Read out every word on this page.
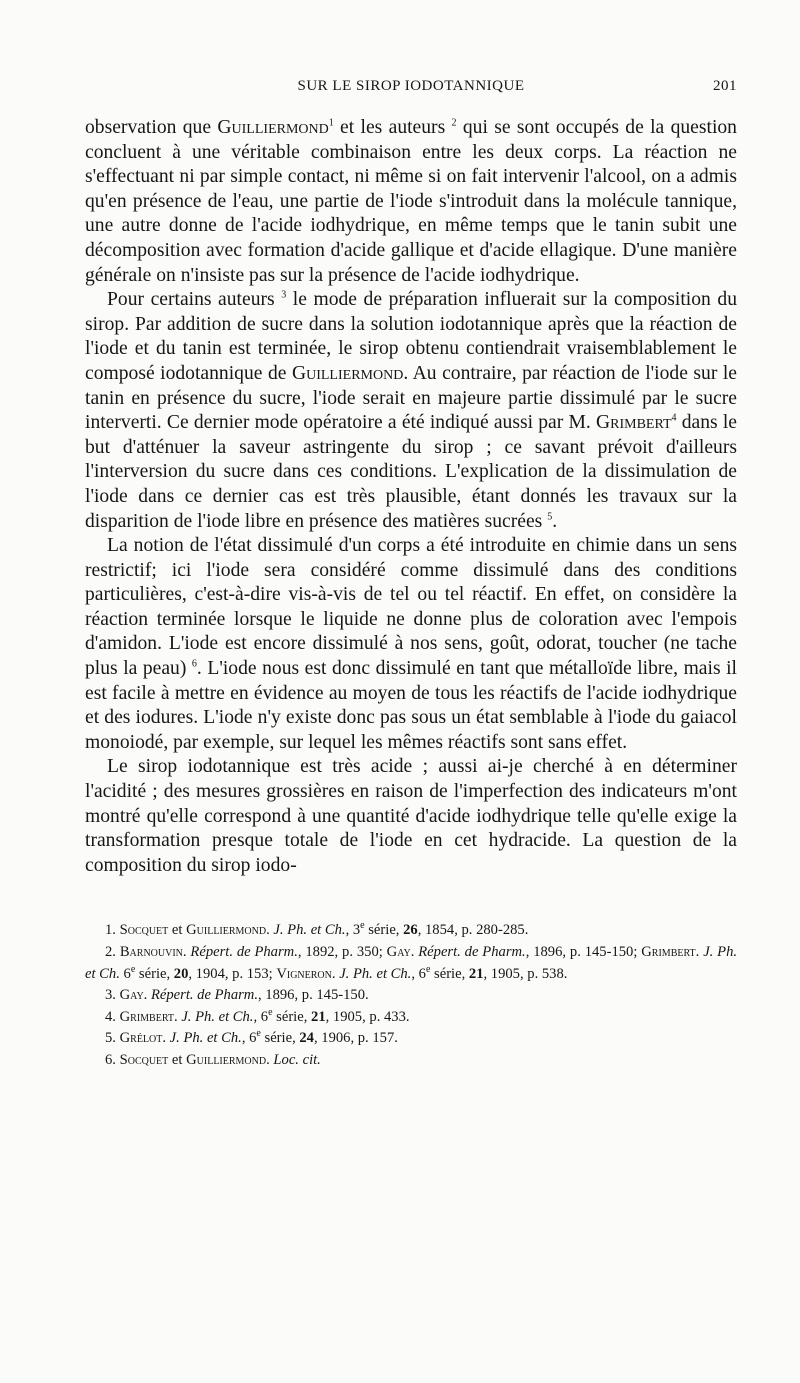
SUR LE SIROP IODOTANNIQUE	201

observation que Guilliermond$^1$ et les auteurs $^2$ qui se sont occupés de la question concluent à une véritable combinaison entre les deux corps. La réaction ne s'effectuant ni par simple contact, ni même si on fait intervenir l'alcool, on a admis qu'en présence de l'eau, une partie de l'iode s'introduit dans la molécule tannique, une autre donne de l'acide iodhydrique, en même temps que le tanin subit une décomposition avec formation d'acide gallique et d'acide ellagique. D'une manière générale on n'insiste pas sur la présence de l'acide iodhydrique.

Pour certains auteurs $^3$ le mode de préparation influerait sur la composition du sirop. Par addition de sucre dans la solution iodotannique après que la réaction de l'iode et du tanin est terminée, le sirop obtenu contiendrait vraisemblablement le composé iodotannique de Guilliermond. Au contraire, par réaction de l'iode sur le tanin en présence du sucre, l'iode serait en majeure partie dissimulé par le sucre interverti. Ce dernier mode opératoire a été indiqué aussi par M. Grimbert$^4$ dans le but d'atténuer la saveur astringente du sirop ; ce savant prévoit d'ailleurs l'interversion du sucre dans ces conditions. L'explication de la dissimulation de l'iode dans ce dernier cas est très plausible, étant donnés les travaux sur la disparition de l'iode libre en présence des matières sucrées $^5$.

La notion de l'état dissimulé d'un corps a été introduite en chimie dans un sens restrictif; ici l'iode sera considéré comme dissimulé dans des conditions particulières, c'est-à-dire vis-à-vis de tel ou tel réactif. En effet, on considère la réaction terminée lorsque le liquide ne donne plus de coloration avec l'empois d'amidon. L'iode est encore dissimulé à nos sens, goût, odorat, toucher (ne tache plus la peau) $^6$. L'iode nous est donc dissimulé en tant que métalloïde libre, mais il est facile à mettre en évidence au moyen de tous les réactifs de l'acide iodhydrique et des iodures. L'iode n'y existe donc pas sous un état semblable à l'iode du gaiacol monoiodé, par exemple, sur lequel les mêmes réactifs sont sans effet.

Le sirop iodotannique est très acide ; aussi ai-je cherché à en déterminer l'acidité ; des mesures grossières en raison de l'imperfection des indicateurs m'ont montré qu'elle correspond à une quantité d'acide iodhydrique telle qu'elle exige la transformation presque totale de l'iode en cet hydracide. La question de la composition du sirop iodo-

1. Socquet et Guilliermond. J. Ph. et Ch., 3e série, 26, 1854, p. 280-285.

2. Barnouvin. Répert. de Pharm., 1892, p. 350; Gay. Répert. de Pharm., 1896, p. 145-150; Grimbert. J. Ph. et Ch. 6e série, 20, 1904, p. 153; Vigneron. J. Ph. et Ch., 6e série, 21, 1905, p. 538.

3. Gay. Répert. de Pharm., 1896, p. 145-150.

4. Grimbert. J. Ph. et Ch., 6e série, 21, 1905, p. 433.

5. Grélot. J. Ph. et Ch., 6e série, 24, 1906, p. 157.

6. Socquet et Guilliermond. Loc. cit.
